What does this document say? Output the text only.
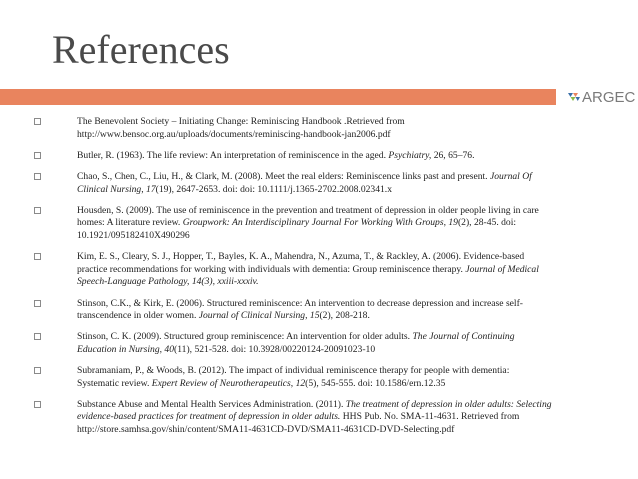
References
ARGEC
The Benevolent Society – Initiating Change: Reminiscing Handbook .Retrieved from
http://www.bensoc.org.au/uploads/documents/reminiscing-handbook-jan2006.pdf
Butler, R. (1963). The life review: An interpretation of reminiscence in the aged. Psychiatry, 26, 65–76.
Chao, S., Chen, C., Liu, H., & Clark, M. (2008). Meet the real elders: Reminiscence links past and present. Journal Of
Clinical Nursing, 17(19), 2647-2653. doi: doi: 10.1111/j.1365-2702.2008.02341.x
Housden, S. (2009). The use of reminiscence in the prevention and treatment of depression in older people living in care
homes: A literature review. Groupwork: An Interdisciplinary Journal For Working With Groups, 19(2), 28-45. doi:
10.1921/095182410X490296
Kim, E. S., Cleary, S. J., Hopper, T., Bayles, K. A., Mahendra, N., Azuma, T., & Rackley, A. (2006). Evidence-based
practice recommendations for working with individuals with dementia: Group reminiscence therapy. Journal of Medical
Speech-Language Pathology, 14(3), xxiii-xxxiv.
Stinson, C.K., & Kirk, E. (2006). Structured reminiscence: An intervention to decrease depression and increase self-
transcendence in older women. Journal of Clinical Nursing, 15(2), 208-218.
Stinson, C. K. (2009). Structured group reminiscence: An intervention for older adults. The Journal of Continuing
Education in Nursing, 40(11), 521-528. doi: 10.3928/00220124-20091023-10
Subramaniam, P., & Woods, B. (2012). The impact of individual reminiscence therapy for people with dementia:
Systematic review. Expert Review of Neurotherapeutics, 12(5), 545-555. doi: 10.1586/ern.12.35
Substance Abuse and Mental Health Services Administration. (2011). The treatment of depression in older adults: Selecting
evidence-based practices for treatment of depression in older adults. HHS Pub. No. SMA-11-4631. Retrieved from
http://store.samhsa.gov/shin/content/SMA11-4631CD-DVD/SMA11-4631CD-DVD-Selecting.pdf
